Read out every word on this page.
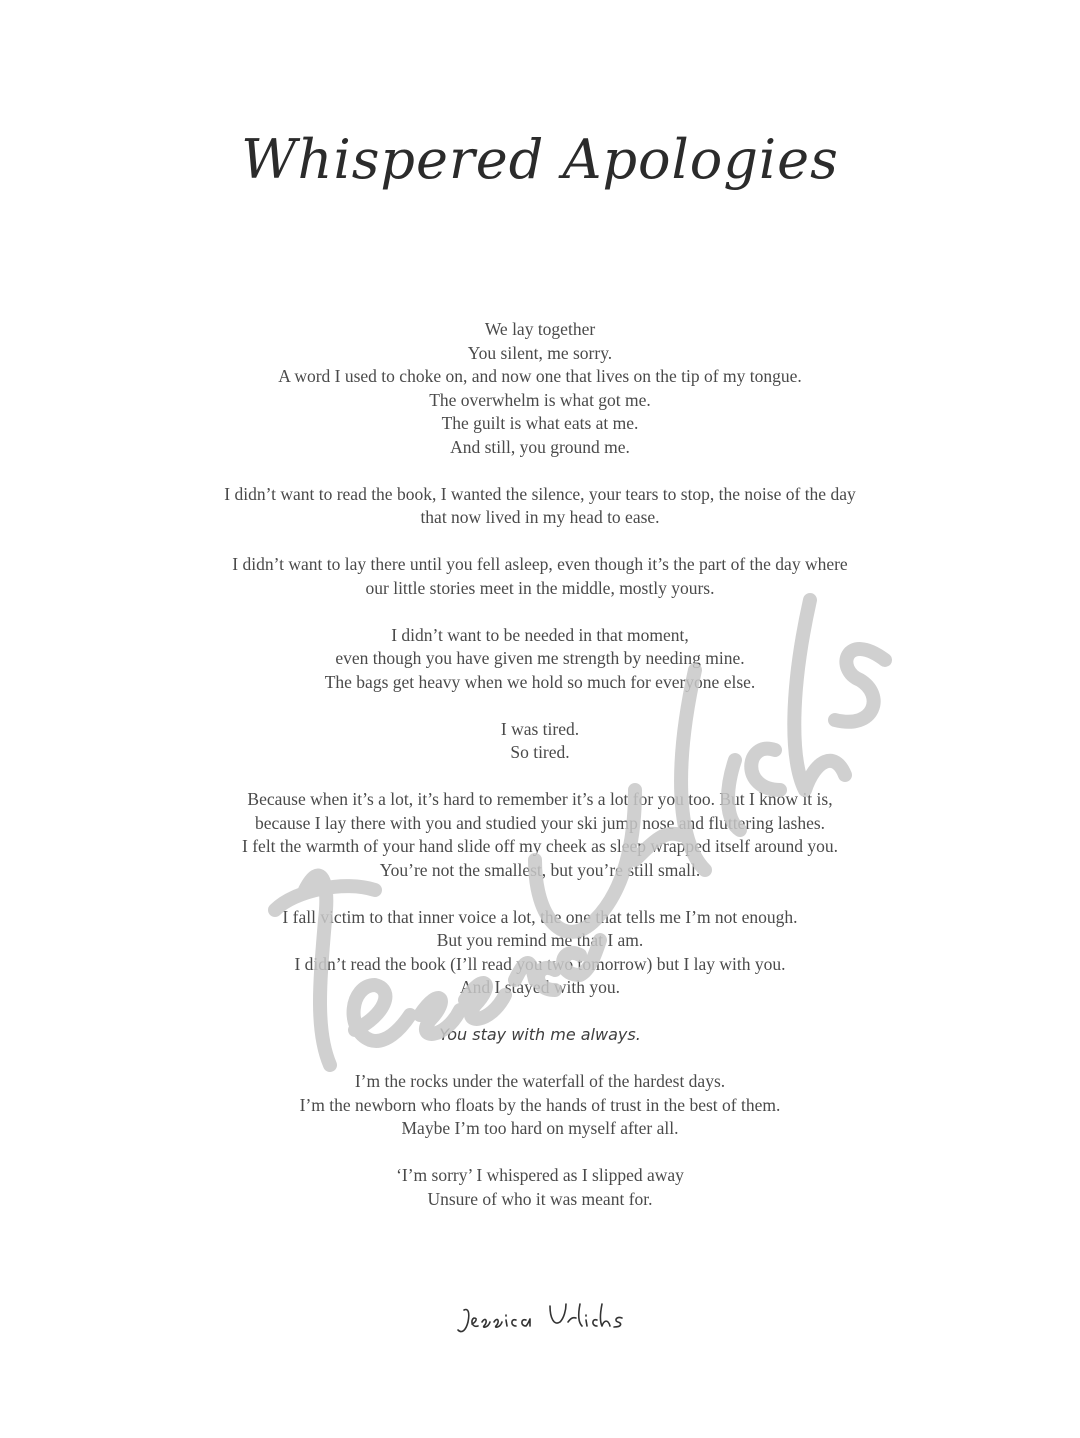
Whispered Apologies
We lay together
You silent, me sorry.
A word I used to choke on, and now one that lives on the tip of my tongue.
The overwhelm is what got me.
The guilt is what eats at me.
And still, you ground me.
I didn’t want to read the book, I wanted the silence, your tears to stop, the noise of the day
that now lived in my head to ease.
I didn’t want to lay there until you fell asleep, even though it’s the part of the day where
our little stories meet in the middle, mostly yours.
I didn’t want to be needed in that moment,
even though you have given me strength by needing mine.
The bags get heavy when we hold so much for everyone else.
I was tired.
So tired.
Because when it’s a lot, it’s hard to remember it’s a lot for you too. But I know it is,
because I lay there with you and studied your ski jump nose and fluttering lashes.
I felt the warmth of your hand slide off my cheek as sleep wrapped itself around you.
You’re not the smallest, but you’re still small.
I fall victim to that inner voice a lot, the one that tells me I’m not enough.
But you remind me that I am.
I didn’t read the book (I’ll read you two tomorrow) but I lay with you.
And I stayed with you.
You stay with me always.
I’m the rocks under the waterfall of the hardest days.
I’m the newborn who floats by the hands of trust in the best of them.
Maybe I’m too hard on myself after all.
‘I’m sorry’ I whispered as I slipped away
Unsure of who it was meant for.
